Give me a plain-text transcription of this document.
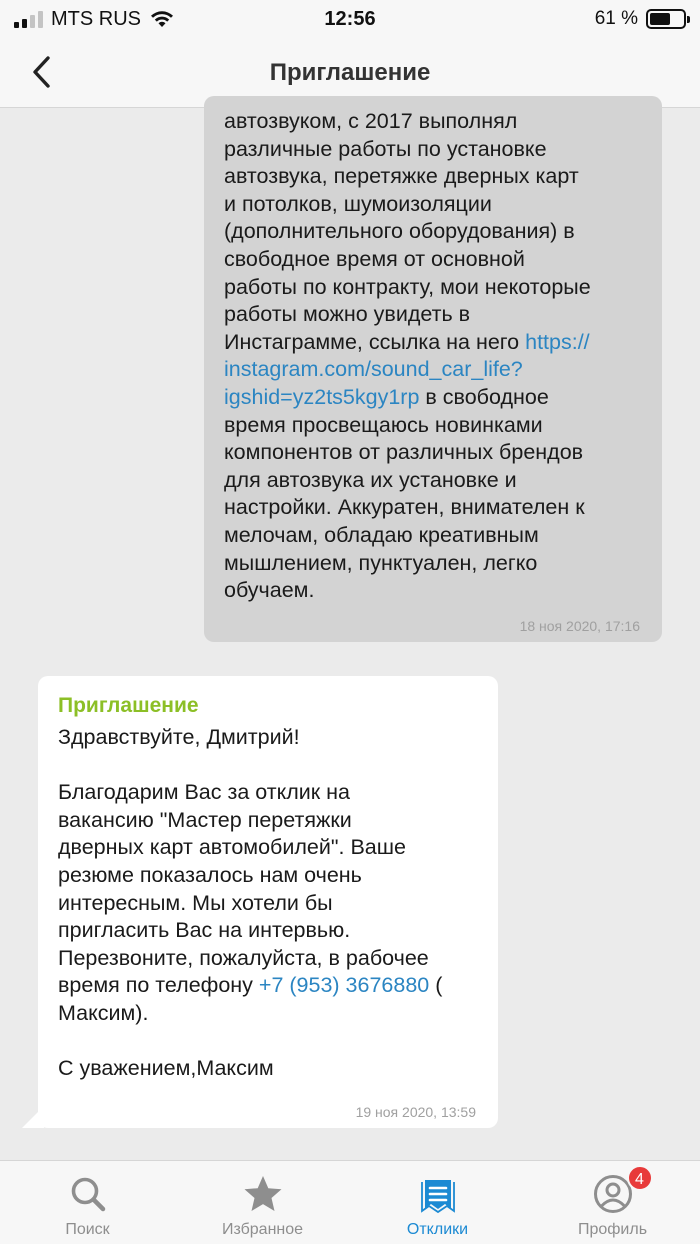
MTS RUS	61 %
12:56
Приглашение
автозвуком, с 2017 выполнял
различные работы по установке
автозвука, перетяжке дверных карт
и потолков, шумоизоляции
(дополнительного оборудования) в
свободное время от основной
работы по контракту, мои некоторые
работы можно увидеть в
Инстаграмме, ссылка на него https://
instagram.com/sound_car_life?
igshid=yz2ts5kgy1rp в свободное
время просвещаюсь новинками
компонентов от различных брендов
для автозвука их установке и
настройки. Аккуратен, внимателен к
мелочам, обладаю креативным
мышлением, пунктуален, легко
обучаем.
18 ноя 2020, 17:16
Приглашение
Здравствуйте, Дмитрий!

Благодарим Вас за отклик на
вакансию "Мастер перетяжки
дверных карт автомобилей". Ваше
резюме показалось нам очень
интересным. Мы хотели бы
пригласить Вас на интервью.
Перезвоните, пожалуйста, в рабочее
время по телефону +7 (953) 3676880 (
Максим).

С уважением,Максим
19 ноя 2020, 13:59
Поиск	Избранное	Отклики
4
Профиль
